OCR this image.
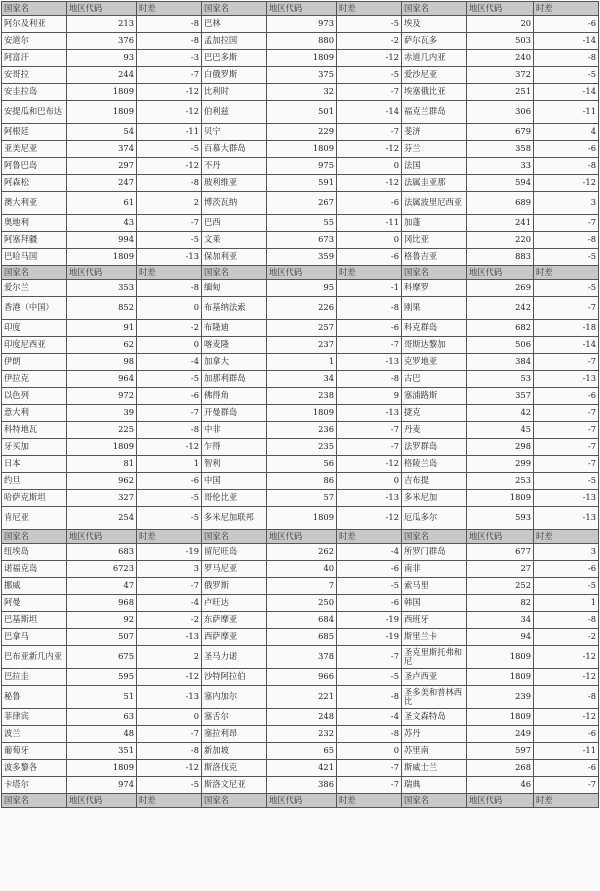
国家名	地区代码	时差	国家名	地区代码	时差	国家名	地区代码	时差
阿尔及利亚	213	-8	巴林	973	-5	埃及	20	-6
安道尔	376	-8	孟加拉国	880	-2	萨尔瓦多	503	-14
阿富汗	93	-3	巴巴多斯	1809	-12	赤道几内亚	240	-8
安哥拉	244	-7	白俄罗斯	375	-5	爱沙尼亚	372	-5
安圭拉岛	1809	-12	比利时	32	-7	埃塞俄比亚	251	-14
安提瓜和巴布达	1809	-12	伯利兹	501	-14	福克兰群岛	306	-11
阿根廷	54	-11	贝宁	229	-7	斐济	679	4
亚美尼亚	374	-5	百慕大群岛	1809	-12	芬兰	358	-6
阿鲁巴岛	297	-12	不丹	975	0	法国	33	-8
阿森松	247	-8	玻利维亚	591	-12	法属圭亚那	594	-12
澳大利亚	61	2	博茨瓦纳	267	-6	法属波里尼西亚	689	3
奥地利	43	-7	巴西	55	-11	加蓬	241	-7
阿塞拜疆	994	-5	文莱	673	0	冈比亚	220	-8
巴哈马国	1809	-13	保加利亚	359	-6	格鲁吉亚	883	-5
国家名	地区代码	时差	国家名	地区代码	时差	国家名	地区代码	时差
爱尔兰	353	-8	缅甸	95	-1	科摩罗	269	-5
香港（中国）	852	0	布基纳法索	226	-8	刚果	242	-7
印度	91	-2	布隆迪	257	-6	科克群岛	682	-18
印度尼西亚	62	0	喀麦隆	237	-7	哥斯达黎加	506	-14
伊朗	98	-4	加拿大	1	-13	克罗地亚	384	-7
伊拉克	964	-5	加那利群岛	34	-8	古巴	53	-13
以色列	972	-6	佛得角	238	9	塞浦路斯	357	-6
意大利	39	-7	开曼群岛	1809	-13	捷克	42	-7
科特地瓦	225	-8	中非	236	-7	丹麦	45	-7
牙买加	1809	-12	乍得	235	-7	法罗群岛	298	-7
日本	81	1	智利	56	-12	格陵兰岛	299	-7
约旦	962	-6	中国	86	0	吉布提	253	-5
哈萨克斯坦	327	-5	哥伦比亚	57	-13	多米尼加	1809	-13
肯尼亚	254	-5	多米尼加联邦	1809	-12	厄瓜多尔	593	-13
国家名	地区代码	时差	国家名	地区代码	时差	国家名	地区代码	时差
纽埃岛	683	-19	留尼旺岛	262	-4	所罗门群岛	677	3
诺福克岛	6723	3	罗马尼亚	40	-6	南非	27	-6
挪威	47	-7	俄罗斯	7	-5	索马里	252	-5
阿曼	968	-4	卢旺达	250	-6	韩国	82	1
巴基斯坦	92	-2	东萨摩亚	684	-19	西班牙	34	-8
巴拿马	507	-13	西萨摩亚	685	-19	斯里兰卡	94	-2
巴布亚新几内亚	675	2	圣马力诺	378	-7	圣克里斯托弗和尼	1809	-12
巴拉圭	595	-12	沙特阿拉伯	966	-5	圣卢西亚	1809	-12
秘鲁	51	-13	塞内加尔	221	-8	圣多美和普林西比	239	-8
菲律宾	63	0	塞舌尔	248	-4	圣文森特岛	1809	-12
波兰	48	-7	塞拉利昂	232	-8	苏丹	249	-6
葡萄牙	351	-8	新加坡	65	0	苏里南	597	-11
波多黎各	1809	-12	斯洛伐克	421	-7	斯威士兰	268	-6
卡塔尔	974	-5	斯洛文尼亚	386	-7	瑞典	46	-7
国家名	地区代码	时差	国家名	地区代码	时差	国家名	地区代码	时差
